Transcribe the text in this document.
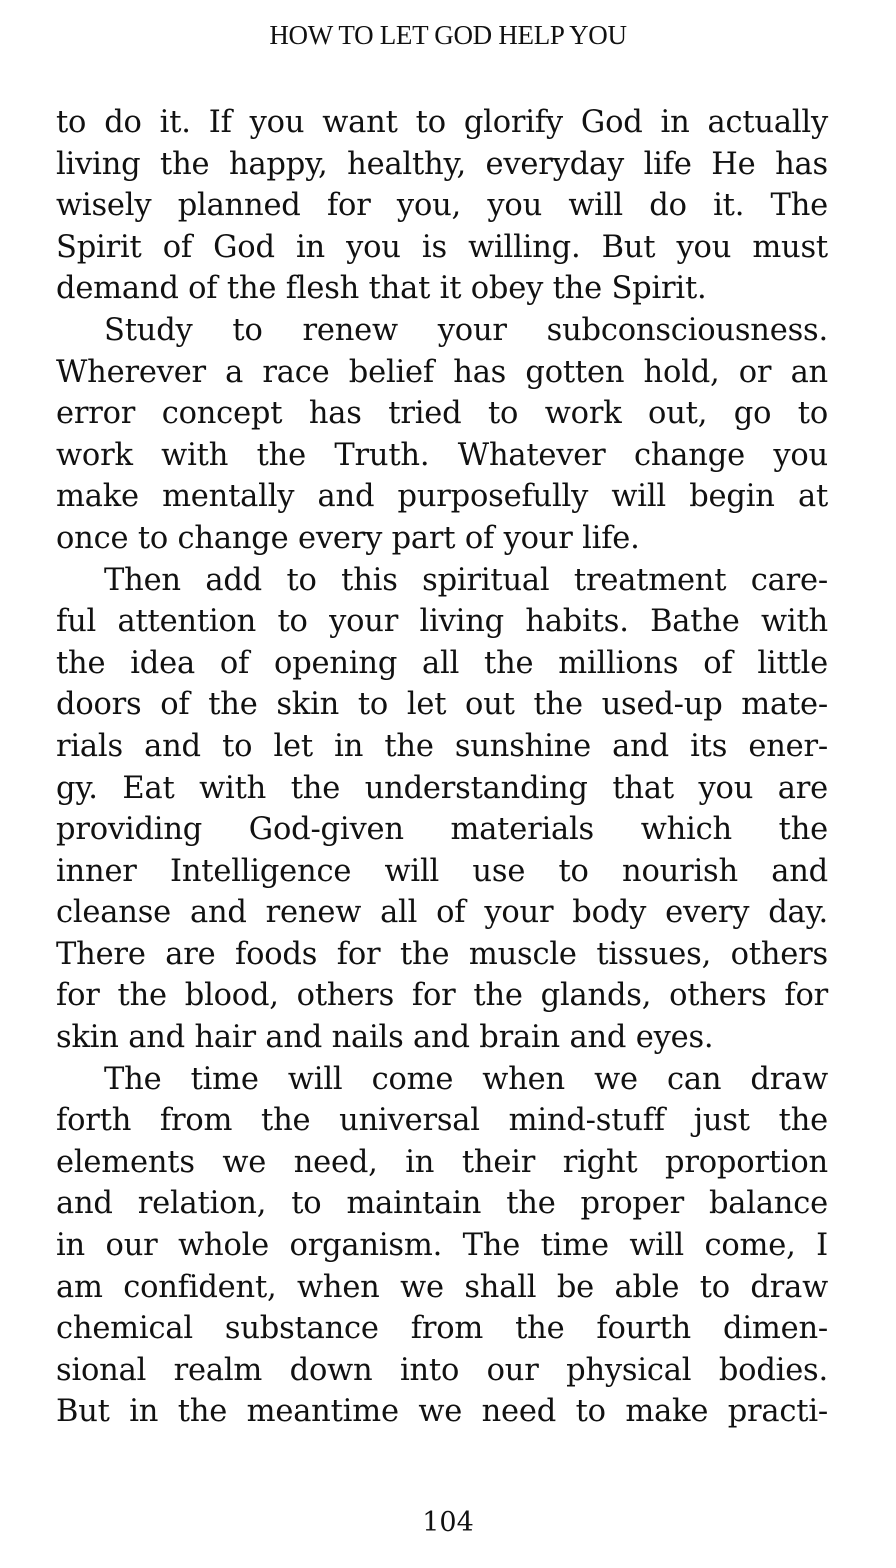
HOW TO LET GOD HELP YOU
to do it. If you want to glorify God in actually
living the happy, healthy, everyday life He has
wisely planned for you, you will do it. The
Spirit of God in you is willing. But you must
demand of the flesh that it obey the Spirit.
Study to renew your subconsciousness.
Wherever a race belief has gotten hold, or an
error concept has tried to work out, go to
work with the Truth. Whatever change you
make mentally and purposefully will begin at
once to change every part of your life.
Then add to this spiritual treatment care-
ful attention to your living habits. Bathe with
the idea of opening all the millions of little
doors of the skin to let out the used-up mate-
rials and to let in the sunshine and its ener-
gy. Eat with the understanding that you are
providing God-given materials which the
inner Intelligence will use to nourish and
cleanse and renew all of your body every day.
There are foods for the muscle tissues, others
for the blood, others for the glands, others for
skin and hair and nails and brain and eyes.
The time will come when we can draw
forth from the universal mind-stuff just the
elements we need, in their right proportion
and relation, to maintain the proper balance
in our whole organism. The time will come, I
am confident, when we shall be able to draw
chemical substance from the fourth dimen-
sional realm down into our physical bodies.
But in the meantime we need to make practi-
104
